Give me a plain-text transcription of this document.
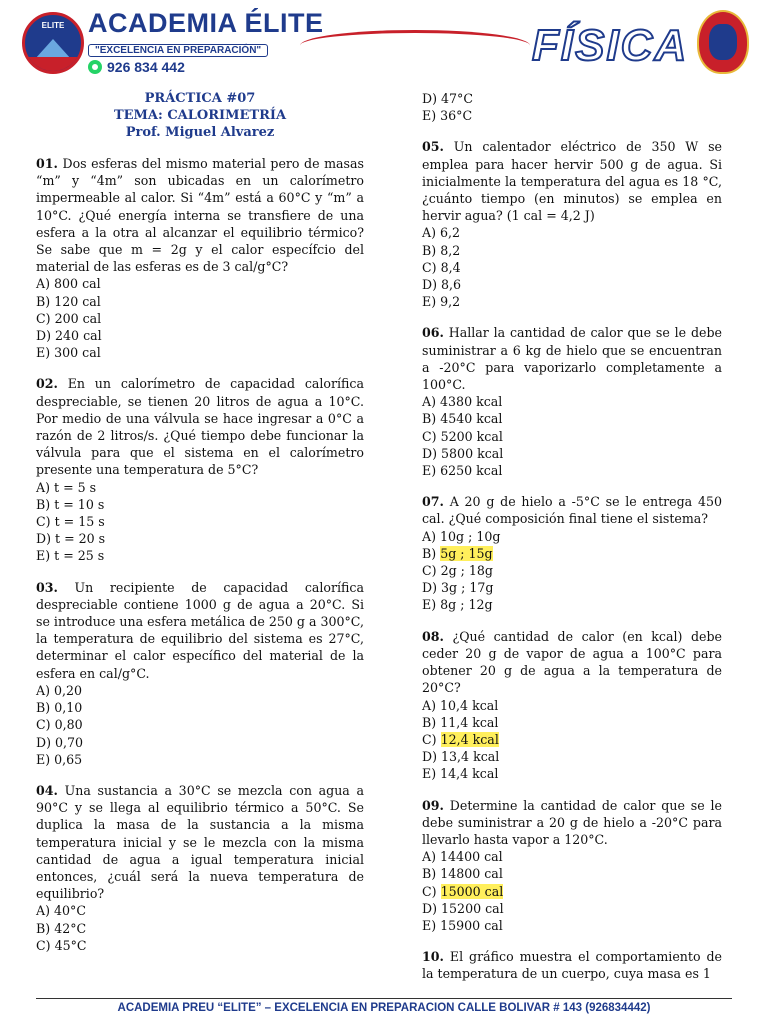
ELITE ACADEMIA ÉLITE
"EXCELENCIA EN PREPARACIÓN"
926 834 442	FÍSICA
PRÁCTICA #07
TEMA: CALORIMETRÍA
Prof. Miguel Alvarez
01. Dos esferas del mismo material pero de masas “m” y “4m” son ubicadas en un calorímetro impermeable al calor. Si “4m” está a 60°C y “m” a 10°C. ¿Qué energía interna se transfiere de una esfera a la otra al alcanzar el equilibrio térmico? Se sabe que m = 2g y el calor específcio del material de las esferas es de 3 cal/g°C?
A) 800 cal
B) 120 cal
C) 200 cal
D) 240 cal
E) 300 cal
02. En un calorímetro de capacidad calorífica despreciable, se tienen 20 litros de agua a 10°C. Por medio de una válvula se hace ingresar a 0°C a razón de 2 litros/s. ¿Qué tiempo debe funcionar la válvula para que el sistema en el calorímetro presente una temperatura de 5°C?
A) t = 5 s
B) t = 10 s
C) t = 15 s
D) t = 20 s
E) t = 25 s
03. Un recipiente de capacidad calorífica despreciable contiene 1000 g de agua a 20°C. Si se introduce una esfera metálica de 250 g a 300°C, la temperatura de equilibrio del sistema es 27°C, determinar el calor específico del material de la esfera en cal/g°C.
A) 0,20
B) 0,10
C) 0,80
D) 0,70
E) 0,65
04. Una sustancia a 30°C se mezcla con agua a 90°C y se llega al equilibrio térmico a 50°C. Se duplica la masa de la sustancia a la misma temperatura inicial y se le mezcla con la misma cantidad de agua a igual temperatura inicial entonces, ¿cuál será la nueva temperatura de equilibrio?
A) 40°C
B) 42°C
C) 45°C
D) 47°C
E) 36°C
05. Un calentador eléctrico de 350 W se emplea para hacer hervir 500 g de agua. Si inicialmente la temperatura del agua es 18 °C, ¿cuánto tiempo (en minutos) se emplea en hervir agua? (1 cal = 4,2 J)
A) 6,2
B) 8,2
C) 8,4
D) 8,6
E) 9,2
06. Hallar la cantidad de calor que se le debe suministrar a 6 kg de hielo que se encuentran a -20°C para vaporizarlo completamente a 100°C.
A) 4380 kcal
B) 4540 kcal
C) 5200 kcal
D) 5800 kcal
E) 6250 kcal
07. A 20 g de hielo a -5°C se le entrega 450 cal. ¿Qué composición final tiene el sistema?
A) 10g ; 10g
B) 5g ; 15g
C) 2g ; 18g
D) 3g ; 17g
E) 8g ; 12g
08. ¿Qué cantidad de calor (en kcal) debe ceder 20 g de vapor de agua a 100°C para obtener 20 g de agua a la temperatura de 20°C?
A) 10,4 kcal
B) 11,4 kcal
C) 12,4 kcal
D) 13,4 kcal
E) 14,4 kcal
09. Determine la cantidad de calor que se le debe suministrar a 20 g de hielo a -20°C para llevarlo hasta vapor a 120°C.
A) 14400 cal
B) 14800 cal
C) 15000 cal
D) 15200 cal
E) 15900 cal
10. El gráfico muestra el comportamiento de la temperatura de un cuerpo, cuya masa es 1
ACADEMIA PREU “ELITE” – EXCELENCIA EN PREPARACION CALLE BOLIVAR # 143 (926834442)
